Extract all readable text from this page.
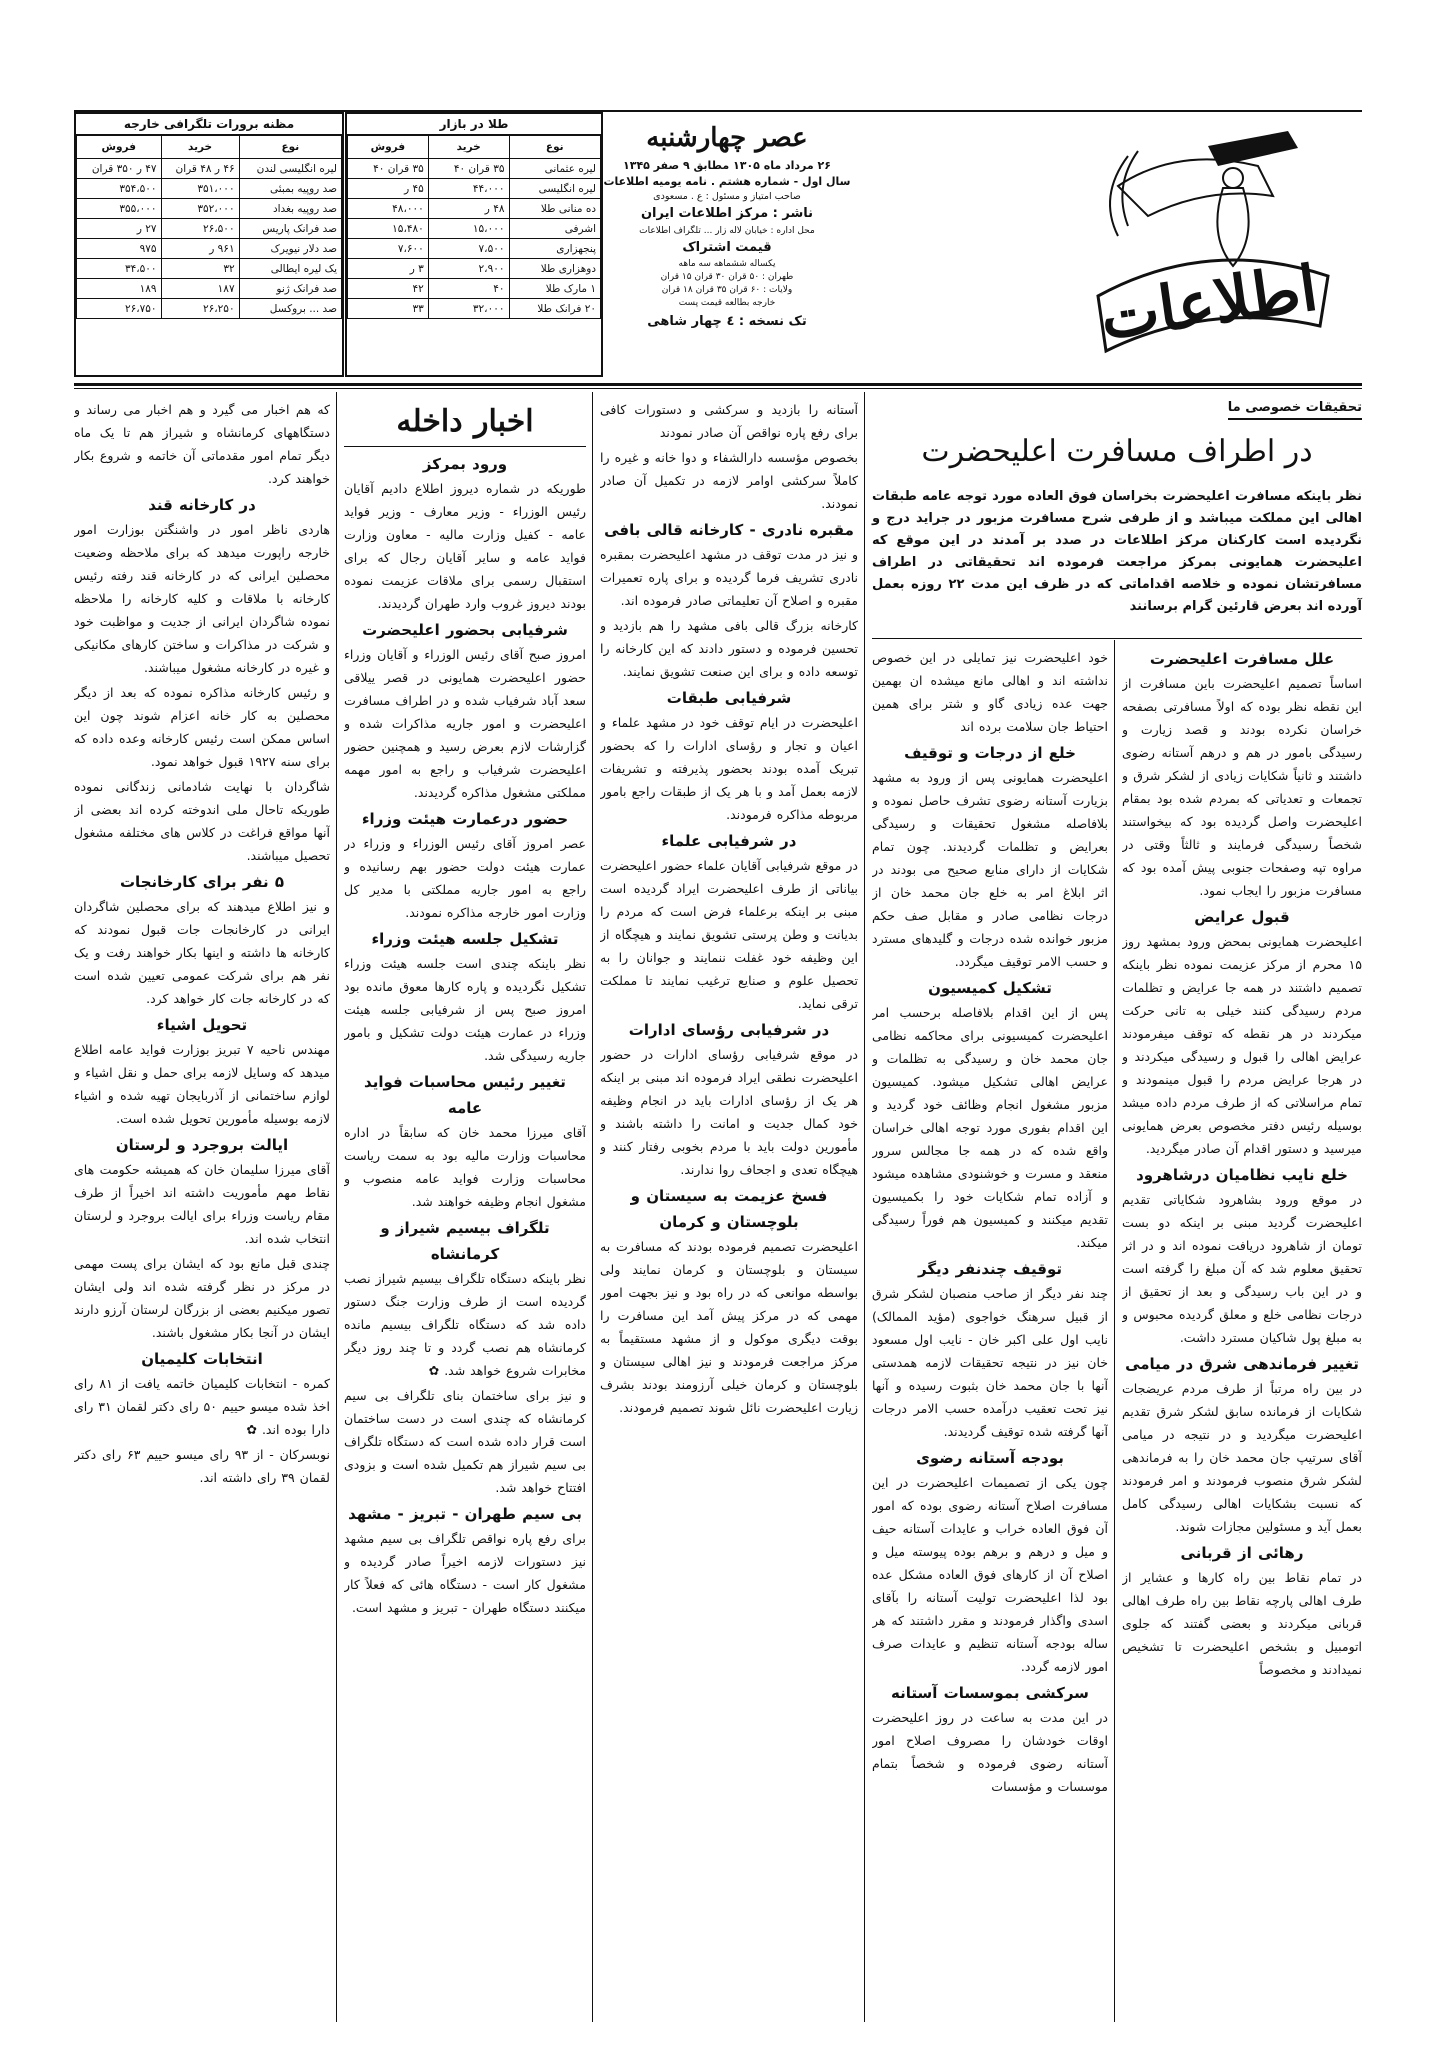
اطلاعات
عصر چهارشنبه
۲۶ مرداد ماه ۱۳۰۵ مطابق ۹ صفر ۱۳۴۵
سال اول - شماره هشتم . نامه یومیه اطلاعات
صاحب امتیاز و مسئول : ع . مسعودی
ناشر : مرکز اطلاعات ایران
محل اداره : خیابان لاله زار ... تلگراف اطلاعات
قیمت اشتراک
یکساله ششماهه سه ماهه
طهران : ۵۰ قران ۳۰ قران ۱۵ قران
ولایات : ۶۰ قران ۳۵ قران ۱۸ قران
خارجه بطالعه قیمت پست
تک نسخه : ٤ چهار شاهی
طلا در بازار
نوع	خرید	فروش
لیره عثمانی	۳۵ قران ۴۰	۳۵ قران ۴۰
لیره انگلیسی	۴۴،۰۰۰	۴۵ ر
ده منانی طلا	۴۸ ر	۴۸،۰۰۰
اشرفی	۱۵،۰۰۰	۱۵،۴۸۰
پنجهزاری	۷،۵۰۰	۷،۶۰۰
دوهزاری طلا	۲،۹۰۰	۳ ر
۱ مارک طلا	۴۰	۴۲
۲۰ فرانک طلا	۳۲،۰۰۰	۳۳
مظنه برورات تلگرافی خارجه
نوع	خرید	فروش
لیره انگلیسی لندن	۴۶ ر ۴۸ قران	۴۷ ر ۳۵۰ قران
صد روپیه بمبئی	۳۵۱،۰۰۰	۳۵۴،۵۰۰
صد روپیه بغداد	۳۵۲،۰۰۰	۳۵۵،۰۰۰
صد فرانک پاریس	۲۶،۵۰۰	۲۷ ر
صد دلار نیویرک	۹۶۱ ر	۹۷۵
یک لیره ایطالی	۳۲	۳۴،۵۰۰
صد فرانک ژنو	۱۸۷	۱۸۹
صد ... بروکسل	۲۶،۲۵۰	۲۶،۷۵۰
تحقیقات خصوصی ما
در اطراف مسافرت اعلیحضرت
نظر باینکه مسافرت اعلیحضرت بخراسان فوق العاده مورد توجه عامه طبقات اهالی این مملکت میباشد و از طرفی شرح مسافرت مزبور در جراید درج و نگردیده است کارکنان مرکز اطلاعات در صدد بر آمدند در این موقع که اعلیحضرت همایونی بمرکز مراجعت فرموده اند تحقیقاتی در اطراف مسافرتشان نموده و خلاصه اقداماتی که در ظرف این مدت ۲۲ روزه بعمل آورده اند بعرض قارئین گرام برسانند
علل مسافرت اعلیحضرت

اساساً تصمیم اعلیحضرت باین مسافرت از این نقطه نظر بوده که اولاً مسافرتی بصفحه خراسان نکرده بودند و قصد زیارت و رسیدگی بامور در هم و درهم آستانه رضوی داشتند و ثانیاً شکایات زیادی از لشکر شرق و تجمعات و تعدیاتی که بمردم شده بود بمقام اعلیحضرت واصل گردیده بود که بیخواستند شخصاً رسیدگی فرمایند و ثالثاً وقتی در مراوه تپه وصفحات جنوبی پیش آمده بود که مسافرت مزبور را ایجاب نمود.

قبول عرایض

اعلیحضرت همایونی بمحض ورود بمشهد روز ۱۵ محرم از مرکز عزیمت نموده نظر باینکه تصمیم داشتند در همه جا عرایض و تظلمات مردم رسیدگی کنند خیلی به تانی حرکت میکردند در هر نقطه که توقف میفرمودند عرایض اهالی را قبول و رسیدگی میکردند و در هرجا عرایض مردم را قبول مینمودند و تمام مراسلاتی که از طرف مردم داده میشد بوسیله رئیس دفتر مخصوص بعرض همایونی میرسید و دستور اقدام آن صادر میگردید.

خلع نایب نظامیان درشاهرود

در موقع ورود بشاهرود شکایاتی تقدیم اعلیحضرت گردید مبنی بر اینکه دو بست تومان از شاهرود دریافت نموده اند و در اثر تحقیق معلوم شد که آن مبلغ را گرفته است و در این باب رسیدگی و بعد از تحقیق از درجات نظامی خلع و معلق گردیده محبوس و به مبلغ پول شاکیان مسترد داشت.

تغییر فرماندهی شرق در میامی

در بین راه مرتباً از طرف مردم عریضجات شکایات از فرمانده سابق لشکر شرق تقدیم اعلیحضرت میگردید و در نتیجه در میامی آقای سرتیپ جان محمد خان را به فرماندهی لشکر شرق منصوب فرمودند و امر فرمودند که نسبت بشکایات اهالی رسیدگی کامل بعمل آید و مسئولین مجازات شوند.

رهائی از قربانی

در تمام نقاط بین راه کارها و عشایر از طرف اهالی پارچه نقاط بین راه طرف اهالی قربانی میکردند و بعضی گفتند که جلوی اتومبیل و بشخص اعلیحضرت تا تشخیص نمیدادند و مخصوصاً

خود اعلیحضرت نیز تمایلی در این خصوص نداشته اند و اهالی مانع میشده ان بهمین جهت عده زیادی گاو و شتر برای همین احتیاط جان سلامت برده اند

خلع از درجات و توقیف

اعلیحضرت همایونی پس از ورود به مشهد بزیارت آستانه رضوی تشرف حاصل نموده و بلافاصله مشغول تحقیقات و رسیدگی بعرایض و تظلمات گردیدند. چون تمام شکایات از دارای منابع صحیح می بودند در اثر ابلاغ امر به خلع جان محمد خان از درجات نظامی صادر و مقابل صف حکم مزبور خوانده شده درجات و گلیدهای مسترد و حسب الامر توقیف میگردد.

تشکیل کمیسیون

پس از این اقدام بلافاصله برحسب امر اعلیحضرت کمیسیونی برای محاکمه نظامی جان محمد خان و رسیدگی به تظلمات و عرایض اهالی تشکیل میشود. کمیسیون مزبور مشغول انجام وظائف خود گردید و این اقدام بفوری مورد توجه اهالی خراسان واقع شده که در همه جا مجالس سرور منعقد و مسرت و خوشنودی مشاهده میشود و آزاده تمام شکایات خود را بکمیسیون تقدیم میکنند و کمیسیون هم فوراً رسیدگی میکند.

توقیف چندنفر دیگر

چند نفر دیگر از صاحب منصبان لشکر شرق از قبیل سرهنگ خواجوی (مؤید الممالک) نایب اول علی اکبر خان - نایب اول مسعود خان نیز در نتیجه تحقیقات لازمه همدستی آنها با جان محمد خان بثبوت رسیده و آنها نیز تحت تعقیب درآمده حسب الامر درجات آنها گرفته شده توقیف گردیدند.

بودجه آستانه رضوی

چون یکی از تصمیمات اعلیحضرت در این مسافرت اصلاح آستانه رضوی بوده که امور آن فوق العاده خراب و عایدات آستانه حیف و میل و درهم و برهم بوده پیوسته میل و اصلاح آن از کارهای فوق العاده مشکل عده بود لذا اعلیحضرت تولیت آستانه را بآقای اسدی واگذار فرمودند و مقرر داشتند که هر ساله بودجه آستانه تنظیم و عایدات صرف امور لازمه گردد.

سرکشی بموسسات آستانه

در این مدت به ساعت در روز اعلیحضرت اوقات خودشان را مصروف اصلاح امور آستانه رضوی فرموده و شخصاً بتمام موسسات و مؤسسات

آستانه را بازدید و سرکشی و دستورات کافی برای رفع پاره نواقص آن صادر نمودند

بخصوص مؤسسه دارالشفاء و دوا خانه و غیره را کاملاً سرکشی اوامر لازمه در تکمیل آن صادر نمودند.

مقبره نادری - کارخانه قالی بافی

و نیز در مدت توقف در مشهد اعلیحضرت بمقبره نادری تشریف فرما گردیده و برای پاره تعمیرات مقبره و اصلاح آن تعلیماتی صادر فرموده اند.

کارخانه بزرگ قالی بافی مشهد را هم بازدید و تحسین فرموده و دستور دادند که این کارخانه را توسعه داده و برای این صنعت تشویق نمایند.

شرفیابی طبقات

اعلیحضرت در ایام توقف خود در مشهد علماء و اعیان و تجار و رؤسای ادارات را که بحضور تبریک آمده بودند بحضور پذیرفته و تشریفات لازمه بعمل آمد و با هر یک از طبقات راجع بامور مربوطه مذاکره فرمودند.

در شرفیابی علماء

در موقع شرفیابی آقایان علماء حضور اعلیحضرت بیاناتی از طرف اعلیحضرت ایراد گردیده است مبنی بر اینکه برعلماء فرض است که مردم را بدیانت و وطن پرستی تشویق نمایند و هیچگاه از این وظیفه خود غفلت ننمایند و جوانان را به تحصیل علوم و صنایع ترغیب نمایند تا مملکت ترقی نماید.

در شرفیابی رؤسای ادارات

در موقع شرفیابی رؤسای ادارات در حضور اعلیحضرت نطقی ایراد فرموده اند مبنی بر اینکه هر یک از رؤسای ادارات باید در انجام وظیفه خود کمال جدیت و امانت را داشته باشند و مأمورین دولت باید با مردم بخوبی رفتار کنند و هیچگاه تعدی و اجحاف روا ندارند.

فسخ عزیمت به سیستان و بلوچستان و کرمان

اعلیحضرت تصمیم فرموده بودند که مسافرت به سیستان و بلوچستان و کرمان نمایند ولی بواسطه موانعی که در راه بود و نیز بجهت امور مهمی که در مرکز پیش آمد این مسافرت را بوقت دیگری موکول و از مشهد مستقیماً به مرکز مراجعت فرمودند و نیز اهالی سیستان و بلوچستان و کرمان خیلی آرزومند بودند بشرف زیارت اعلیحضرت نائل شوند تصمیم فرمودند.

اخبار داخله
ورود بمرکز

طوریکه در شماره دیروز اطلاع دادیم آقایان رئیس الوزراء - وزیر معارف - وزیر فواید عامه - کفیل وزارت مالیه - معاون وزارت فواید عامه و سایر آقایان رجال که برای استقبال رسمی برای ملاقات عزیمت نموده بودند دیروز غروب وارد طهران گردیدند.

شرفیابی بحضور اعلیحضرت

امروز صبح آقای رئیس الوزراء و آقایان وزراء حضور اعلیحضرت همایونی در قصر ییلاقی سعد آباد شرفیاب شده و در اطراف مسافرت اعلیحضرت و امور جاریه مذاکرات شده و گزارشات لازم بعرض رسید و همچنین حضور اعلیحضرت شرفیاب و راجع به امور مهمه مملکتی مشغول مذاکره گردیدند.

حضور درعمارت هیئت وزراء

عصر امروز آقای رئیس الوزراء و وزراء در عمارت هیئت دولت حضور بهم رسانیده و راجع به امور جاریه مملکتی با مدیر کل وزارت امور خارجه مذاکره نمودند.

تشکیل جلسه هیئت وزراء

نظر باینکه چندی است جلسه هیئت وزراء تشکیل نگردیده و پاره کارها معوق مانده بود امروز صبح پس از شرفیابی جلسه هیئت وزراء در عمارت هیئت دولت تشکیل و بامور جاریه رسیدگی شد.

تغییر رئیس محاسبات فواید عامه

آقای میرزا محمد خان که سابقاً در اداره محاسبات وزارت مالیه بود به سمت ریاست محاسبات وزارت فواید عامه منصوب و مشغول انجام وظیفه خواهند شد.

تلگراف بیسیم شیراز و کرمانشاه

نظر باینکه دستگاه تلگراف بیسیم شیراز نصب گردیده است از طرف وزارت جنگ دستور داده شد که دستگاه تلگراف بیسیم مانده کرمانشاه هم نصب گردد و تا چند روز دیگر مخابرات شروع خواهد شد. ✿

و نیز برای ساختمان بنای تلگراف بی سیم کرمانشاه که چندی است در دست ساختمان است قرار داده شده است که دستگاه تلگراف بی سیم شیراز هم تکمیل شده است و بزودی افتتاح خواهد شد.

بی سیم طهران - تبریز - مشهد

برای رفع پاره نواقص تلگراف بی سیم مشهد نیز دستورات لازمه اخیراً صادر گردیده و مشغول کار است - دستگاه هائی که فعلاً کار میکنند دستگاه طهران - تبریز و مشهد است.

که هم اخبار می گیرد و هم اخبار می رساند و دستگاههای کرمانشاه و شیراز هم تا یک ماه دیگر تمام امور مقدماتی آن خاتمه و شروع بکار خواهند کرد.

در کارخانه قند

هاردی ناظر امور در واشنگتن بوزارت امور خارجه راپورت میدهد که برای ملاحظه وضعیت محصلین ایرانی که در کارخانه قند رفته رئیس کارخانه با ملاقات و کلیه کارخانه را ملاحظه نموده شاگردان ایرانی از جدیت و مواظبت خود و شرکت در مذاکرات و ساختن کارهای مکانیکی و غیره در کارخانه مشغول میباشند.

و رئیس کارخانه مذاکره نموده که بعد از دیگر محصلین به کار خانه اعزام شوند چون این اساس ممکن است رئیس کارخانه وعده داده که برای سنه ۱۹۲۷ قبول خواهد نمود.

شاگردان با نهایت شادمانی زندگانی نموده طوریکه تاحال ملی اندوخته کرده اند بعضی از آنها مواقع فراغت در کلاس های مختلفه مشغول تحصیل میباشند.

۵ نفر برای کارخانجات

و نیز اطلاع میدهند که برای محصلین شاگردان ایرانی در کارخانجات جات قبول نمودند که کارخانه ها داشته و اینها بکار خواهند رفت و یک نفر هم برای شرکت عمومی تعیین شده است که در کارخانه جات کار خواهد کرد.

تحویل اشیاء

مهندس ناحیه ۷ تبریز بوزارت فواید عامه اطلاع میدهد که وسایل لازمه برای حمل و نقل اشیاء و لوازم ساختمانی از آذربایجان تهیه شده و اشیاء لازمه بوسیله مأمورین تحویل شده است.

ایالت بروجرد و لرستان

آقای میرزا سلیمان خان که همیشه حکومت های نقاط مهم مأموریت داشته اند اخیراً از طرف مقام ریاست وزراء برای ایالت بروجرد و لرستان انتخاب شده اند.

چندی قبل مانع بود که ایشان برای پست مهمی در مرکز در نظر گرفته شده اند ولی ایشان تصور میکنیم بعضی از بزرگان لرستان آرزو دارند ایشان در آنجا بکار مشغول باشند.

انتخابات کلیمیان

کمره - انتخابات کلیمیان خاتمه یافت از ۸۱ رای اخذ شده میسو حییم ۵۰ رای دکتر لقمان ۳۱ رای دارا بوده اند. ✿

نوبسرکان - از ۹۳ رای میسو حییم ۶۳ رای دکتر لقمان ۳۹ رای داشته اند.
